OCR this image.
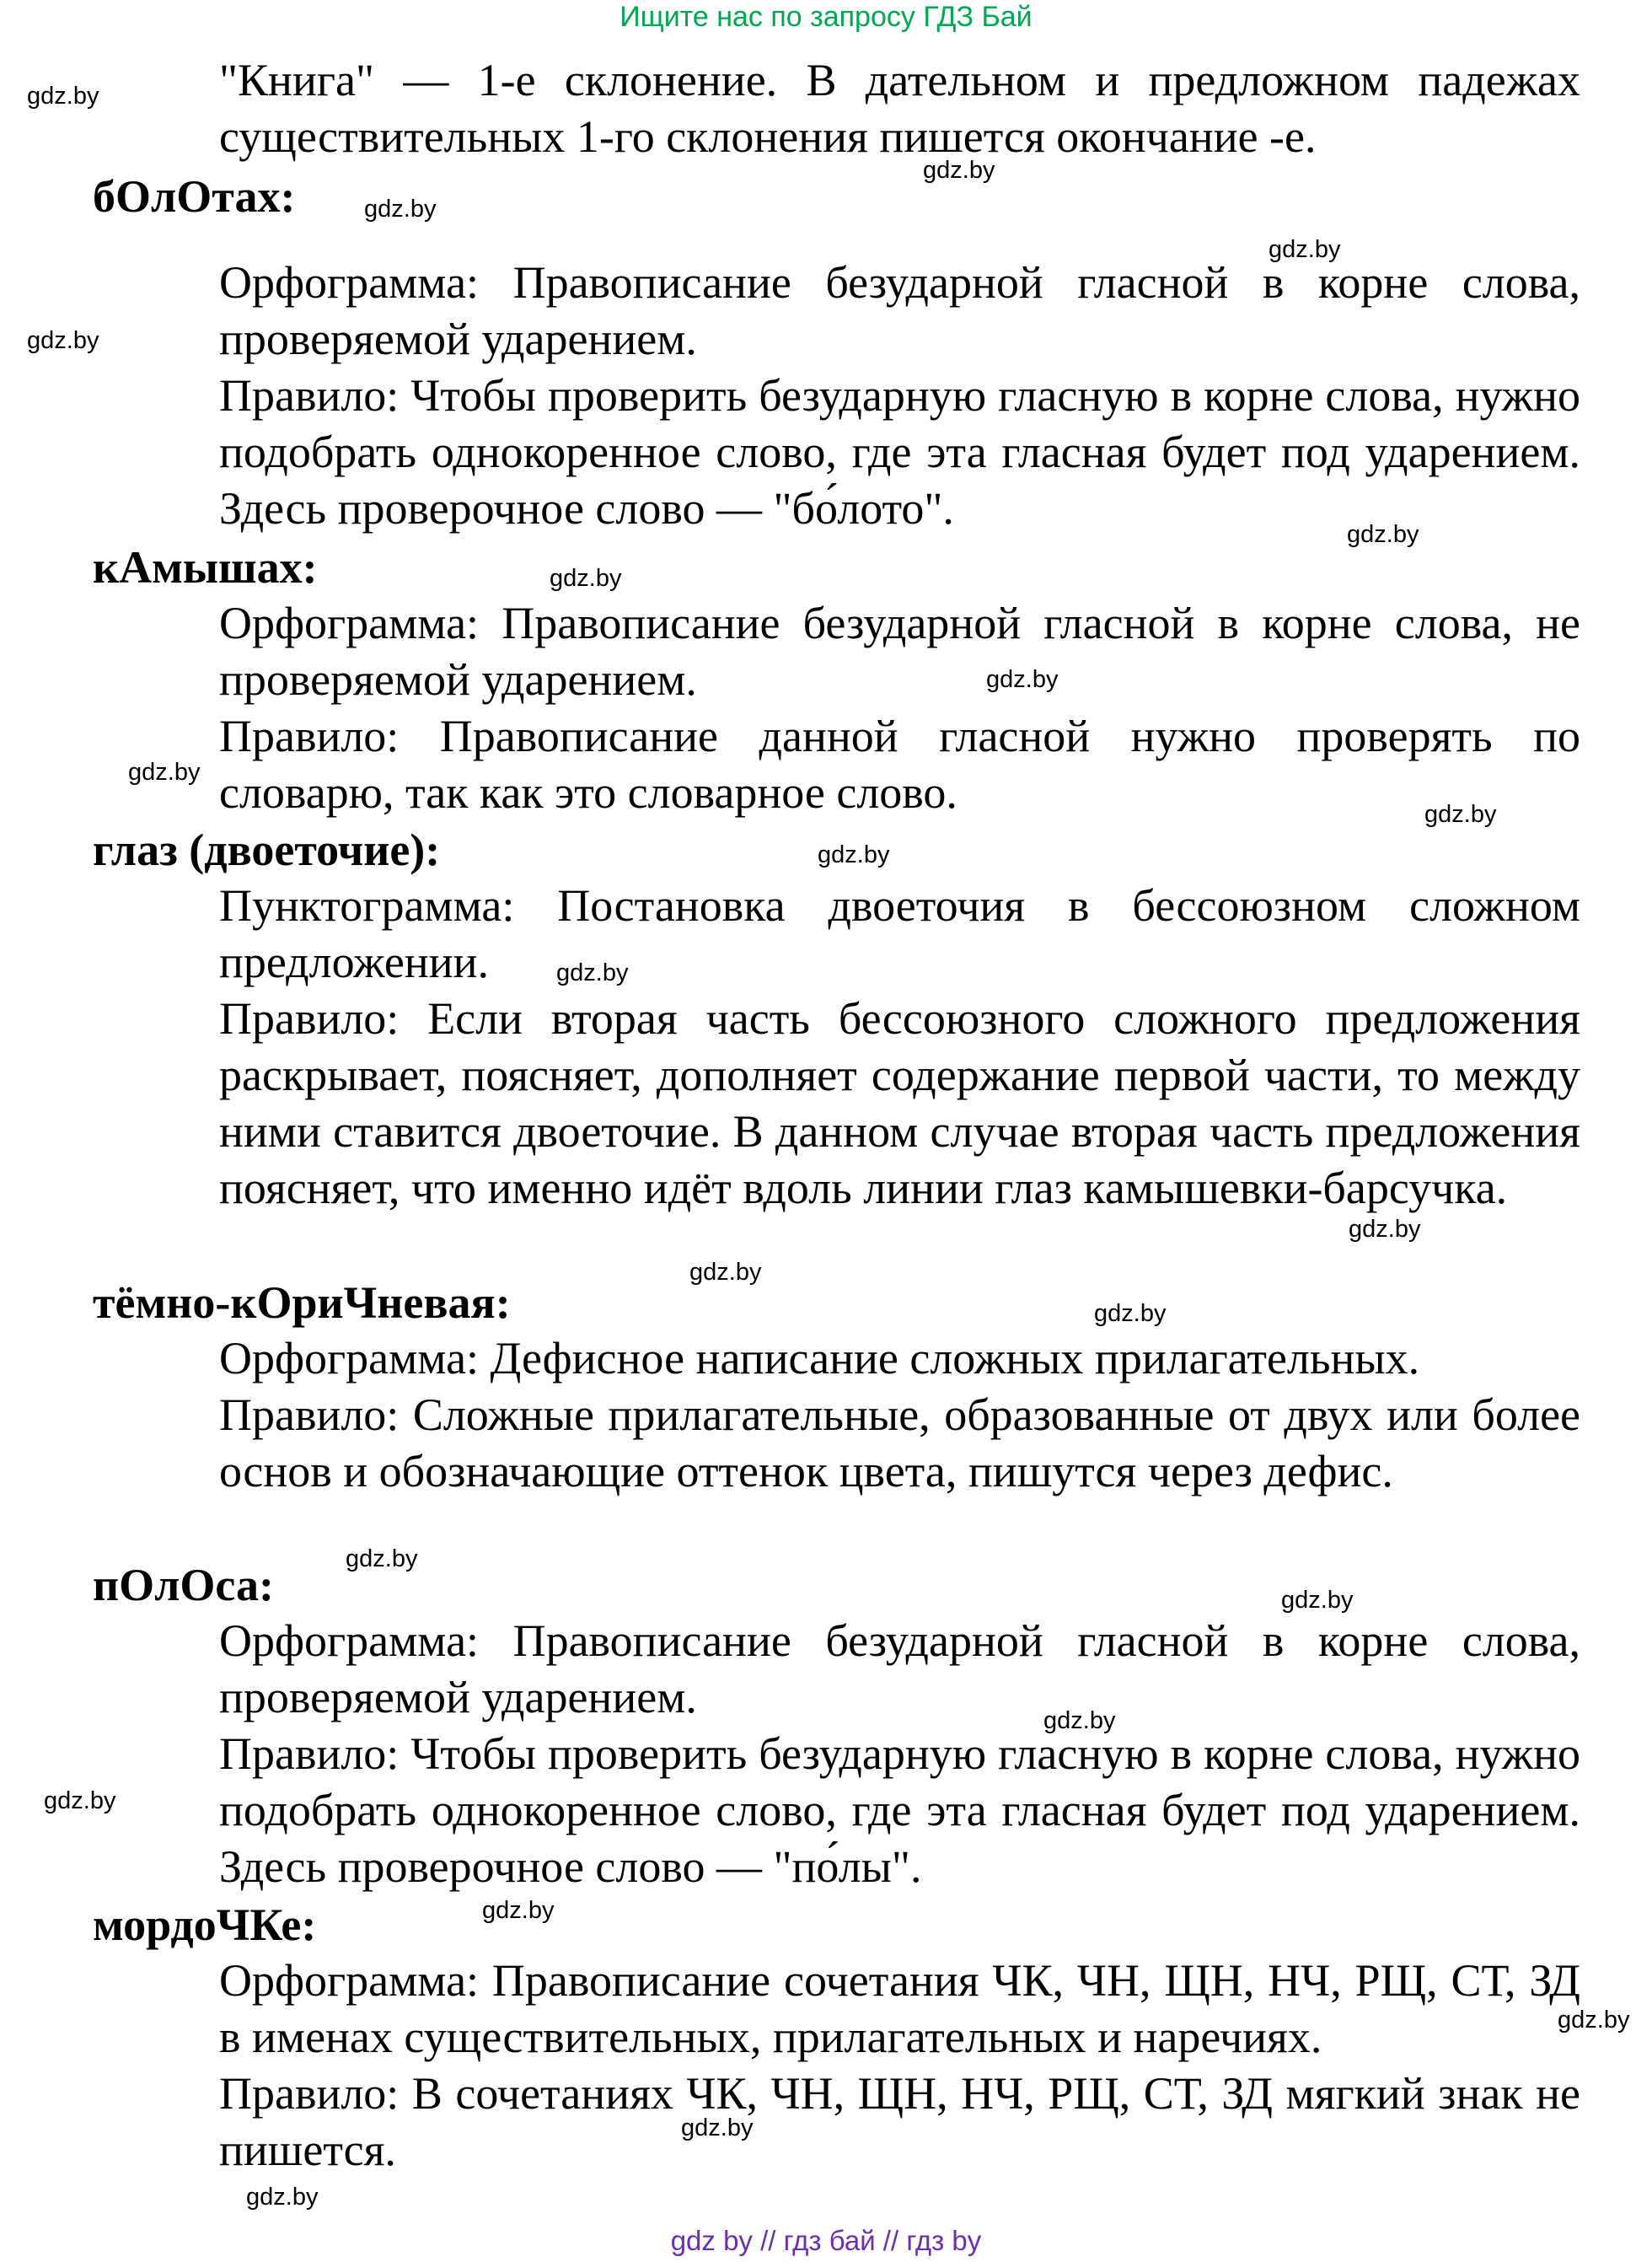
Ищите нас по запросу ГДЗ Бай
"Книга" — 1-е склонение. В дательном и предложном падежах существительных 1-го склонения пишется окончание -е.
бОлОтах:
Орфограмма: Правописание безударной гласной в корне слова, проверяемой ударением.
Правило: Чтобы проверить безударную гласную в корне слова, нужно подобрать однокоренное слово, где эта гласная будет под ударением. Здесь проверочное слово — "бо́лото".
кАмышах:
Орфограмма: Правописание безударной гласной в корне слова, не проверяемой ударением.
Правило: Правописание данной гласной нужно проверять по словарю, так как это словарное слово.
глаз (двоеточие):
Пунктограмма: Постановка двоеточия в бессоюзном сложном предложении.
Правило: Если вторая часть бессоюзного сложного предложения раскрывает, поясняет, дополняет содержание первой части, то между ними ставится двоеточие. В данном случае вторая часть предложения поясняет, что именно идёт вдоль линии глаз камышевки-барсучка.
тёмно-кОриЧневая:
Орфограмма: Дефисное написание сложных прилагательных.
Правило: Сложные прилагательные, образованные от двух или более основ и обозначающие оттенок цвета, пишутся через дефис.
пОлОса:
Орфограмма: Правописание безударной гласной в корне слова, проверяемой ударением.
Правило: Чтобы проверить безударную гласную в корне слова, нужно подобрать однокоренное слово, где эта гласная будет под ударением. Здесь проверочное слово — "по́лы".
мордоЧКе:
Орфограмма: Правописание сочетания ЧК, ЧН, ЩН, НЧ, РЩ, СТ, ЗД в именах существительных, прилагательных и наречиях.
Правило: В сочетаниях ЧК, ЧН, ЩН, НЧ, РЩ, СТ, ЗД мягкий знак не пишется.
gdz.by
gdz.by
gdz.by
gdz.by
gdz.by
gdz.by
gdz.by
gdz.by
gdz.by
gdz.by
gdz.by
gdz.by
gdz.by
gdz.by
gdz.by
gdz.by
gdz.by
gdz.by
gdz.by
gdz.by
gdz.by
gdz.by
gdz.by
gdz by // гдз бай // гдз by
